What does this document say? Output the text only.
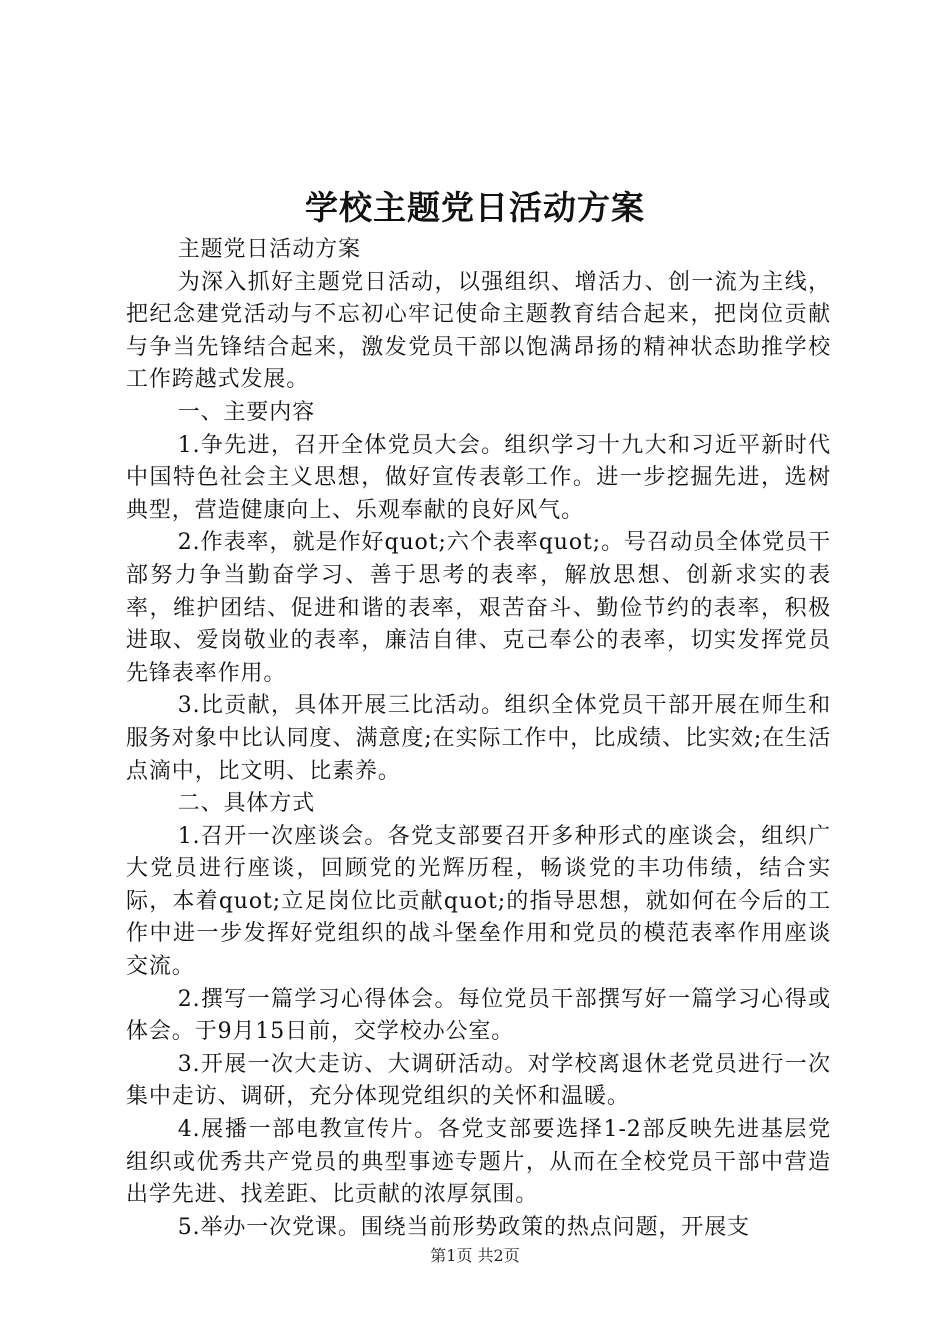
学校主题党日活动方案

主题党日活动方案

为深入抓好主题党日活动，以强组织、增活力、创一流为主线，把纪念建党活动与不忘初心牢记使命主题教育结合起来，把岗位贡献与争当先锋结合起来，激发党员干部以饱满昂扬的精神状态助推学校工作跨越式发展。

一、主要内容

1.争先进，召开全体党员大会。组织学习十九大和习近平新时代中国特色社会主义思想，做好宣传表彰工作。进一步挖掘先进，选树典型，营造健康向上、乐观奉献的良好风气。

2.作表率，就是作好quot;六个表率quot;。号召动员全体党员干部努力争当勤奋学习、善于思考的表率，解放思想、创新求实的表率，维护团结、促进和谐的表率，艰苦奋斗、勤俭节约的表率，积极进取、爱岗敬业的表率，廉洁自律、克己奉公的表率，切实发挥党员先锋表率作用。

3.比贡献，具体开展三比活动。组织全体党员干部开展在师生和服务对象中比认同度、满意度;在实际工作中，比成绩、比实效;在生活点滴中，比文明、比素养。

二、具体方式

1.召开一次座谈会。各党支部要召开多种形式的座谈会，组织广大党员进行座谈，回顾党的光辉历程，畅谈党的丰功伟绩，结合实际，本着quot;立足岗位比贡献quot;的指导思想，就如何在今后的工作中进一步发挥好党组织的战斗堡垒作用和党员的模范表率作用座谈交流。

2.撰写一篇学习心得体会。每位党员干部撰写好一篇学习心得或体会。于9月15日前，交学校办公室。

3.开展一次大走访、大调研活动。对学校离退休老党员进行一次集中走访、调研，充分体现党组织的关怀和温暖。

4.展播一部电教宣传片。各党支部要选择1-2部反映先进基层党组织或优秀共产党员的典型事迹专题片，从而在全校党员干部中营造出学先进、找差距、比贡献的浓厚氛围。

5.举办一次党课。围绕当前形势政策的热点问题，开展支

第1页 共2页
